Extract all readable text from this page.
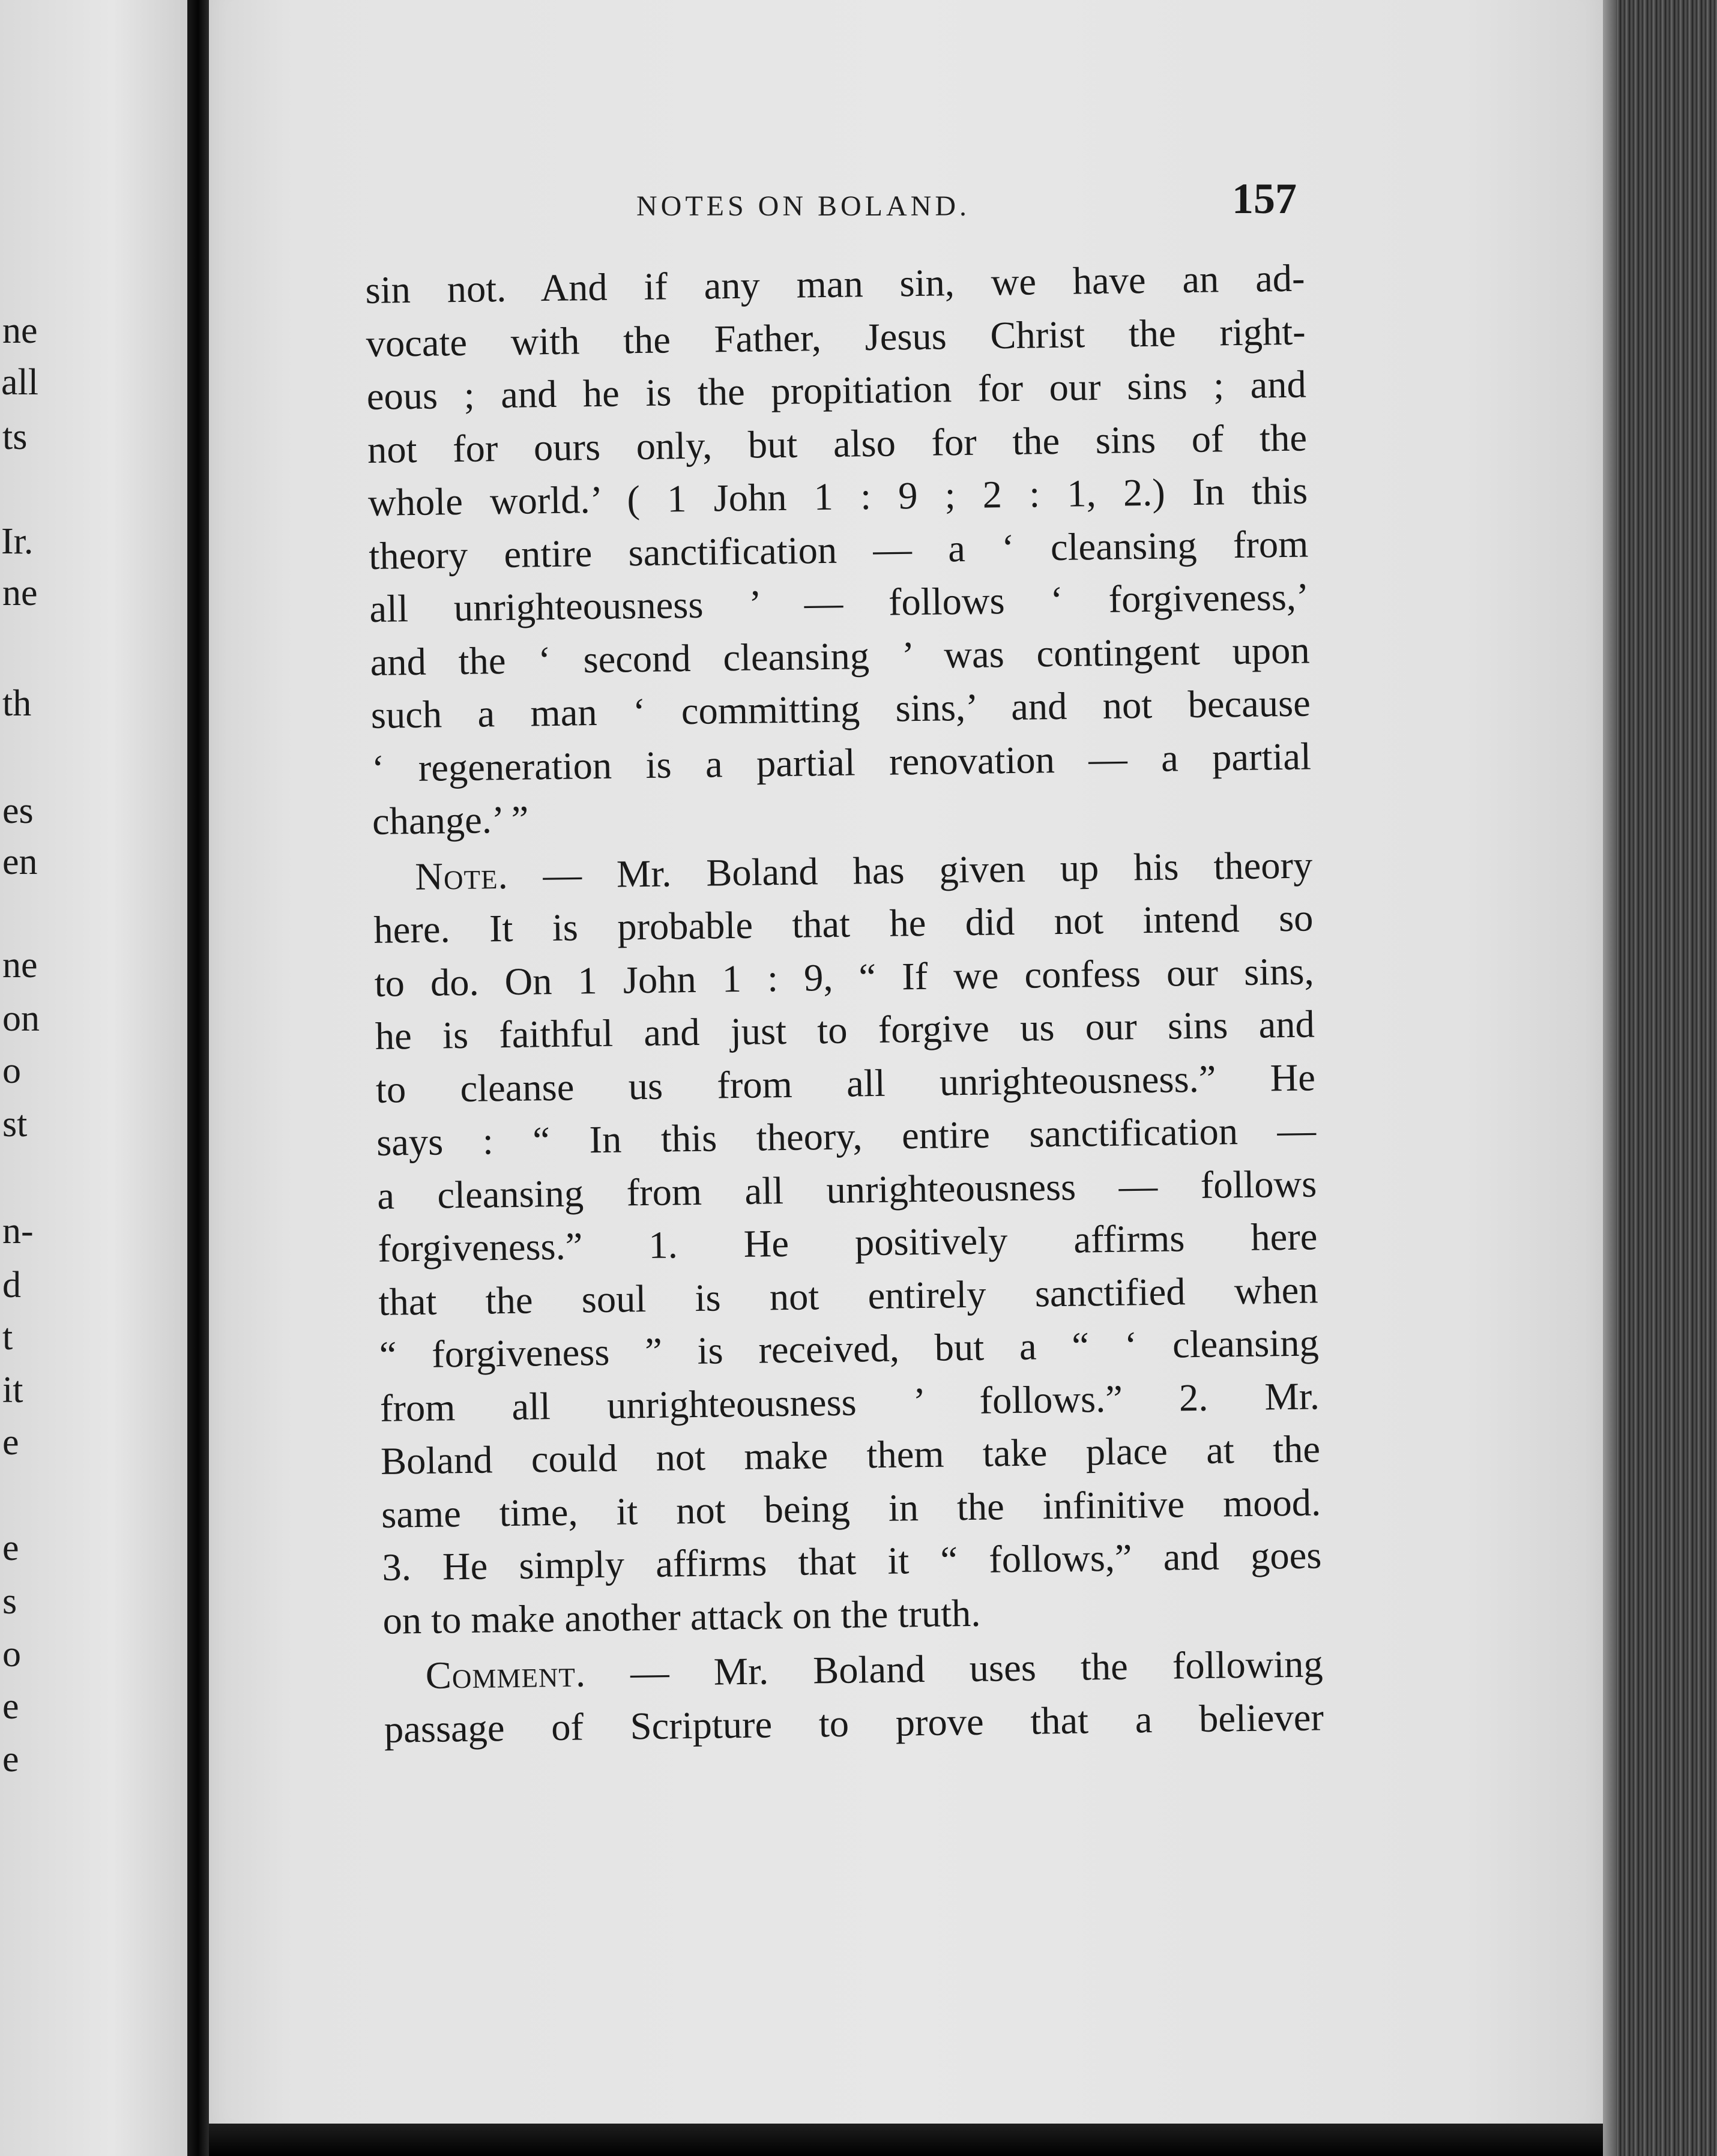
ne
all
ts
Ir.
ne
th
es
en
ne
on
o
st
n-
d
t
it
e
e
s
o
e
e
NOTES ON BOLAND.	157
sin not. And if any man sin, we have an ad-
vocate with the Father, Jesus Christ the right-
eous ; and he is the propitiation for our sins ; and
not for ours only, but also for the sins of the
whole world.’ ( 1 John 1 : 9 ; 2 : 1, 2.) In this
theory entire sanctification — a ‘ cleansing from
all unrighteousness ’ — follows ‘ forgiveness,’
and the ‘ second cleansing ’ was contingent upon
such a man ‘ committing sins,’ and not because
‘ regeneration is a partial renovation — a partial
change.’ ”
Note. — Mr. Boland has given up his theory
here. It is probable that he did not intend so
to do. On 1 John 1 : 9, “ If we confess our sins,
he is faithful and just to forgive us our sins and
to cleanse us from all unrighteousness.” He
says : “ In this theory, entire sanctification —
a cleansing from all unrighteousness — follows
forgiveness.” 1. He positively affirms here
that the soul is not entirely sanctified when
“ forgiveness ” is received, but a “ ‘ cleansing
from all unrighteousness ’ follows.” 2. Mr.
Boland could not make them take place at the
same time, it not being in the infinitive mood.
3. He simply affirms that it “ follows,” and goes
on to make another attack on the truth.
Comment. — Mr. Boland uses the following
passage of Scripture to prove that a believer
